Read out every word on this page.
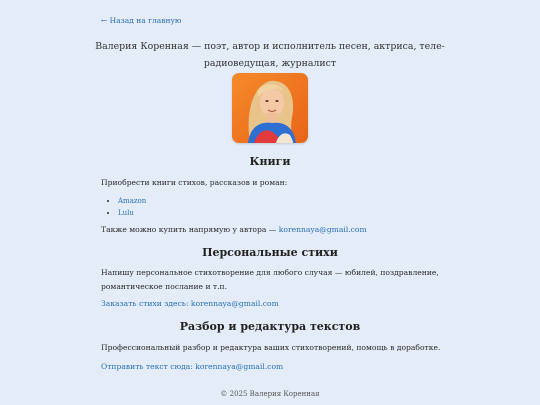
← Назад на главную
Валерия Коренная — поэт, автор и исполнитель песен, актриса, теле-радиоведущая, журналист
Книги

Приобрести книги стихов, рассказов и роман:

• Amazon
• Lulu

Также можно купить напрямую у автора — korennaya@gmail.com

Персональные стихи

Напишу персональное стихотворение для любого случая — юбилей, поздравление, романтическое послание и т.п.

Заказать стихи здесь: korennaya@gmail.com

Разбор и редактура текстов

Профессиональный разбор и редактура ваших стихотворений, помощь в доработке.

Отправить текст сюда: korennaya@gmail.com

© 2025 Валерия Коренная
